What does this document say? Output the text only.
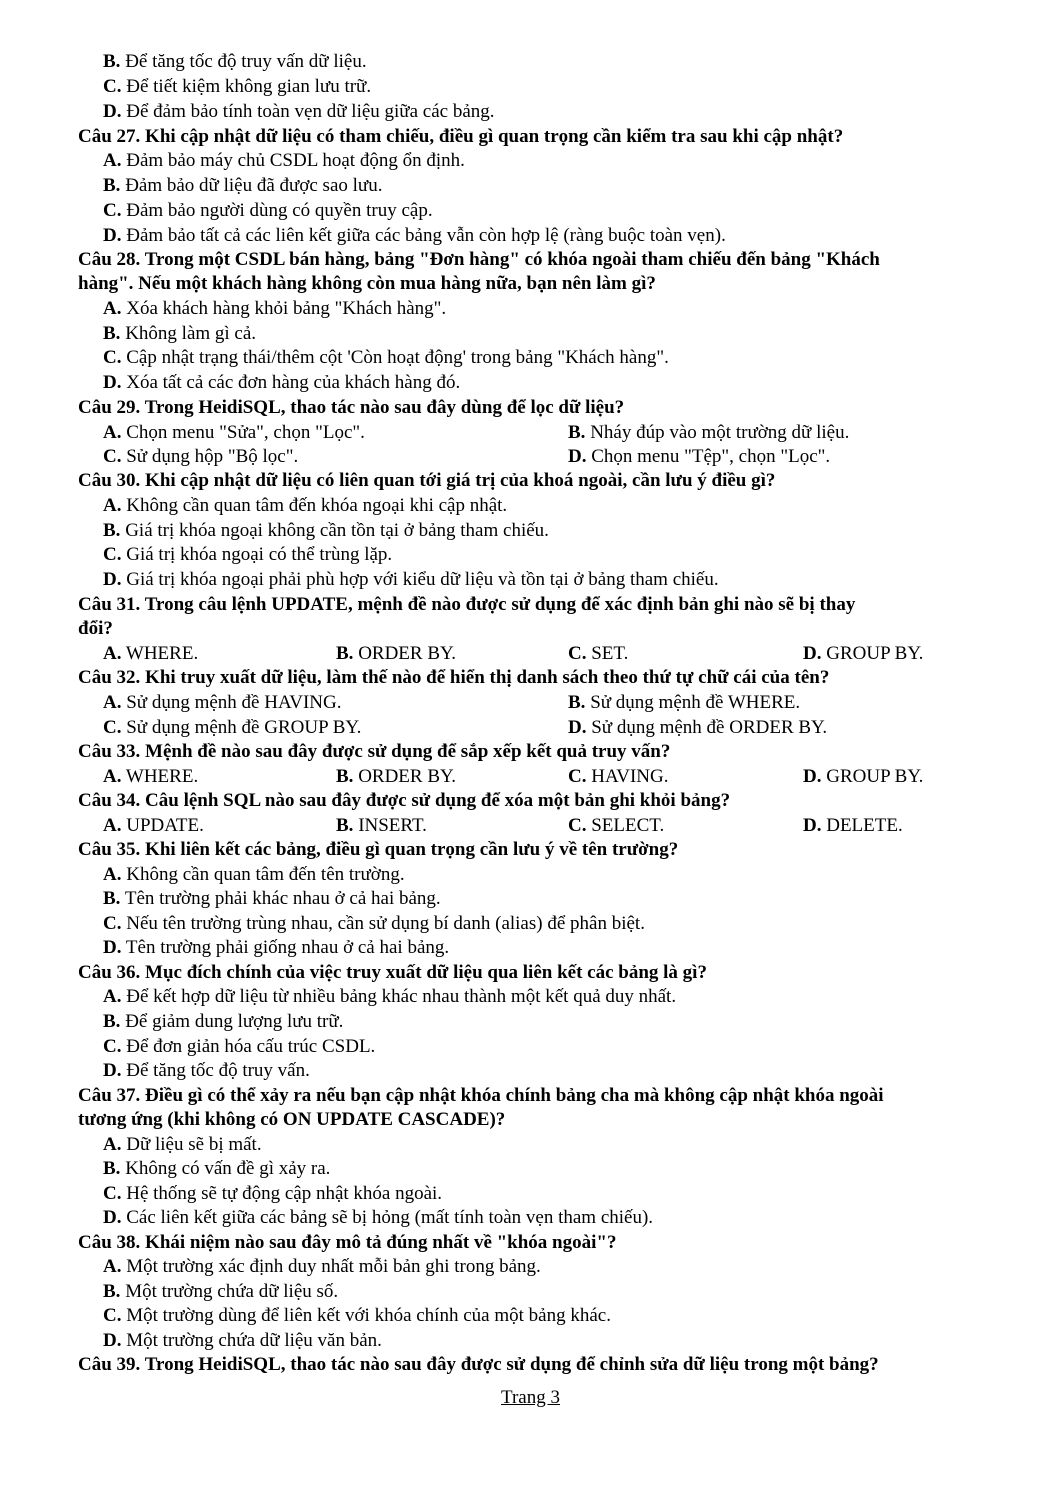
B. Để tăng tốc độ truy vấn dữ liệu.
C. Để tiết kiệm không gian lưu trữ.
D. Để đảm bảo tính toàn vẹn dữ liệu giữa các bảng.
Câu 27. Khi cập nhật dữ liệu có tham chiếu, điều gì quan trọng cần kiểm tra sau khi cập nhật?
A. Đảm bảo máy chủ CSDL hoạt động ổn định.
B. Đảm bảo dữ liệu đã được sao lưu.
C. Đảm bảo người dùng có quyền truy cập.
D. Đảm bảo tất cả các liên kết giữa các bảng vẫn còn hợp lệ (ràng buộc toàn vẹn).
Câu 28. Trong một CSDL bán hàng, bảng "Đơn hàng" có khóa ngoài tham chiếu đến bảng "Khách
hàng". Nếu một khách hàng không còn mua hàng nữa, bạn nên làm gì?
A. Xóa khách hàng khỏi bảng "Khách hàng".
B. Không làm gì cả.
C. Cập nhật trạng thái/thêm cột 'Còn hoạt động' trong bảng "Khách hàng".
D. Xóa tất cả các đơn hàng của khách hàng đó.
Câu 29. Trong HeidiSQL, thao tác nào sau đây dùng để lọc dữ liệu?
A. Chọn menu "Sửa", chọn "Lọc".	B. Nháy đúp vào một trường dữ liệu.
C. Sử dụng hộp "Bộ lọc".	D. Chọn menu "Tệp", chọn "Lọc".
Câu 30. Khi cập nhật dữ liệu có liên quan tới giá trị của khoá ngoài, cần lưu ý điều gì?
A. Không cần quan tâm đến khóa ngoại khi cập nhật.
B. Giá trị khóa ngoại không cần tồn tại ở bảng tham chiếu.
C. Giá trị khóa ngoại có thể trùng lặp.
D. Giá trị khóa ngoại phải phù hợp với kiểu dữ liệu và tồn tại ở bảng tham chiếu.
Câu 31. Trong câu lệnh UPDATE, mệnh đề nào được sử dụng để xác định bản ghi nào sẽ bị thay
đổi?
A. WHERE.	B. ORDER BY.	C. SET.	D. GROUP BY.
Câu 32. Khi truy xuất dữ liệu, làm thế nào để hiển thị danh sách theo thứ tự chữ cái của tên?
A. Sử dụng mệnh đề HAVING.	B. Sử dụng mệnh đề WHERE.
C. Sử dụng mệnh đề GROUP BY.	D. Sử dụng mệnh đề ORDER BY.
Câu 33. Mệnh đề nào sau đây được sử dụng để sắp xếp kết quả truy vấn?
A. WHERE.	B. ORDER BY.	C. HAVING.	D. GROUP BY.
Câu 34. Câu lệnh SQL nào sau đây được sử dụng để xóa một bản ghi khỏi bảng?
A. UPDATE.	B. INSERT.	C. SELECT.	D. DELETE.
Câu 35. Khi liên kết các bảng, điều gì quan trọng cần lưu ý về tên trường?
A. Không cần quan tâm đến tên trường.
B. Tên trường phải khác nhau ở cả hai bảng.
C. Nếu tên trường trùng nhau, cần sử dụng bí danh (alias) để phân biệt.
D. Tên trường phải giống nhau ở cả hai bảng.
Câu 36. Mục đích chính của việc truy xuất dữ liệu qua liên kết các bảng là gì?
A. Để kết hợp dữ liệu từ nhiều bảng khác nhau thành một kết quả duy nhất.
B. Để giảm dung lượng lưu trữ.
C. Để đơn giản hóa cấu trúc CSDL.
D. Để tăng tốc độ truy vấn.
Câu 37. Điều gì có thể xảy ra nếu bạn cập nhật khóa chính bảng cha mà không cập nhật khóa ngoài
tương ứng (khi không có ON UPDATE CASCADE)?
A. Dữ liệu sẽ bị mất.
B. Không có vấn đề gì xảy ra.
C. Hệ thống sẽ tự động cập nhật khóa ngoài.
D. Các liên kết giữa các bảng sẽ bị hỏng (mất tính toàn vẹn tham chiếu).
Câu 38. Khái niệm nào sau đây mô tả đúng nhất về "khóa ngoài"?
A. Một trường xác định duy nhất mỗi bản ghi trong bảng.
B. Một trường chứa dữ liệu số.
C. Một trường dùng để liên kết với khóa chính của một bảng khác.
D. Một trường chứa dữ liệu văn bản.
Câu 39. Trong HeidiSQL, thao tác nào sau đây được sử dụng để chỉnh sửa dữ liệu trong một bảng?
Trang 3
